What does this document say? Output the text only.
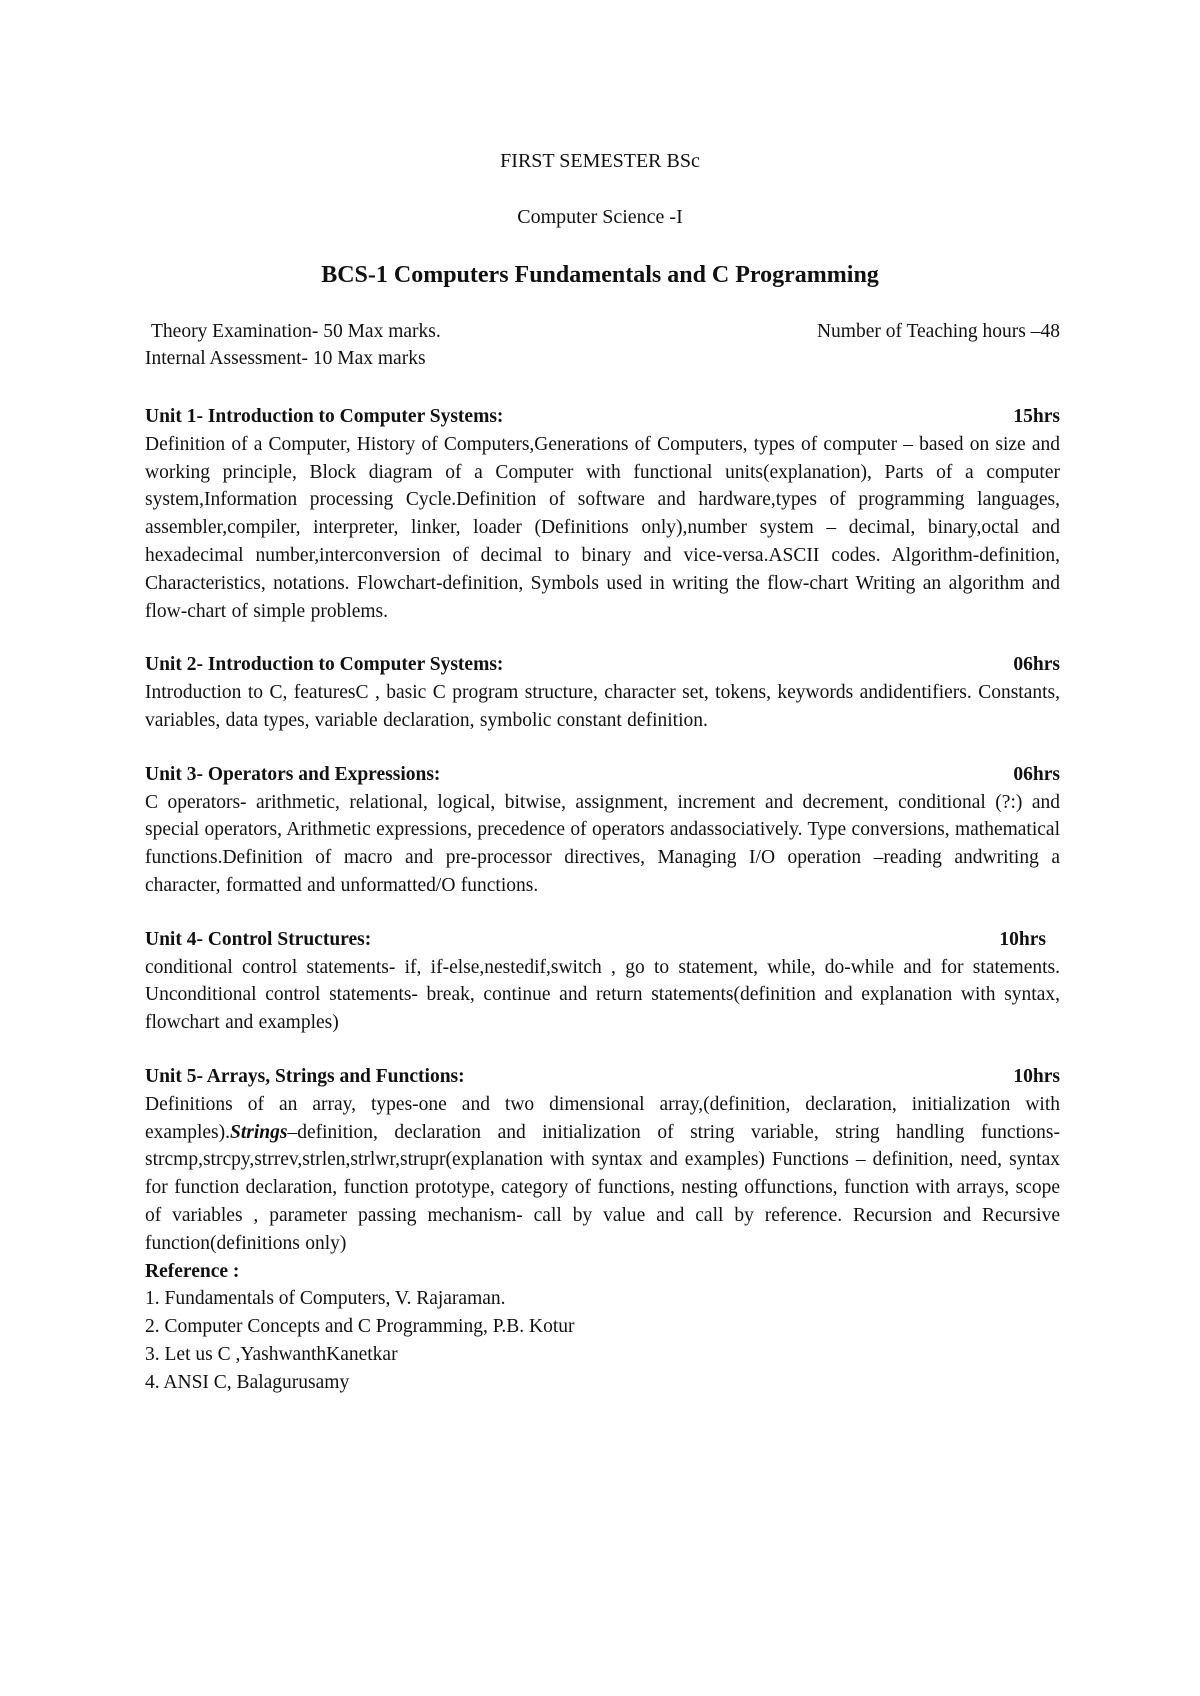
FIRST SEMESTER BSc
Computer Science -I
BCS-1 Computers Fundamentals and C Programming
Theory Examination- 50 Max marks.	Number of Teaching hours –48
Internal Assessment- 10 Max marks
Unit 1- Introduction to Computer Systems:	15hrs
Definition of a Computer, History of Computers,Generations of Computers, types of computer – based on size and working principle, Block diagram of a Computer with functional units(explanation), Parts of a computer system,Information processing Cycle.Definition of software and hardware,types of programming languages, assembler,compiler, interpreter, linker, loader (Definitions only),number system – decimal, binary,octal and hexadecimal number,interconversion of decimal to binary and vice-versa.ASCII codes. Algorithm-definition, Characteristics, notations. Flowchart-definition, Symbols used in writing the flow-chart Writing an algorithm and flow-chart of simple problems.
Unit 2- Introduction to Computer Systems:	06hrs
Introduction to C, featuresC , basic C program structure, character set, tokens, keywords andidentifiers. Constants, variables, data types, variable declaration, symbolic constant definition.
Unit 3- Operators and Expressions:	06hrs
C operators- arithmetic, relational, logical, bitwise, assignment, increment and decrement, conditional (?:) and special operators, Arithmetic expressions, precedence of operators andassociatively. Type conversions, mathematical functions.Definition of macro and pre-processor directives, Managing I/O operation –reading andwriting a character, formatted and unformatted/O functions.
Unit 4- Control Structures:	10hrs
conditional control statements- if, if-else,nestedif,switch , go to statement, while, do-while and for statements. Unconditional control statements- break, continue and return statements(definition and explanation with syntax, flowchart and examples)
Unit 5- Arrays, Strings and Functions:	10hrs
Definitions of an array, types-one and two dimensional array,(definition, declaration, initialization with examples).Strings–definition, declaration and initialization of string variable, string handling functions- strcmp,strcpy,strrev,strlen,strlwr,strupr(explanation with syntax and examples) Functions – definition, need, syntax for function declaration, function prototype, category of functions, nesting offunctions, function with arrays, scope of variables , parameter passing mechanism- call by value and call by reference. Recursion and Recursive function(definitions only)
Reference :
1. Fundamentals of Computers, V. Rajaraman.
2. Computer Concepts and C Programming, P.B. Kotur
3. Let us C ,YashwanthKanetkar
4. ANSI C, Balagurusamy
